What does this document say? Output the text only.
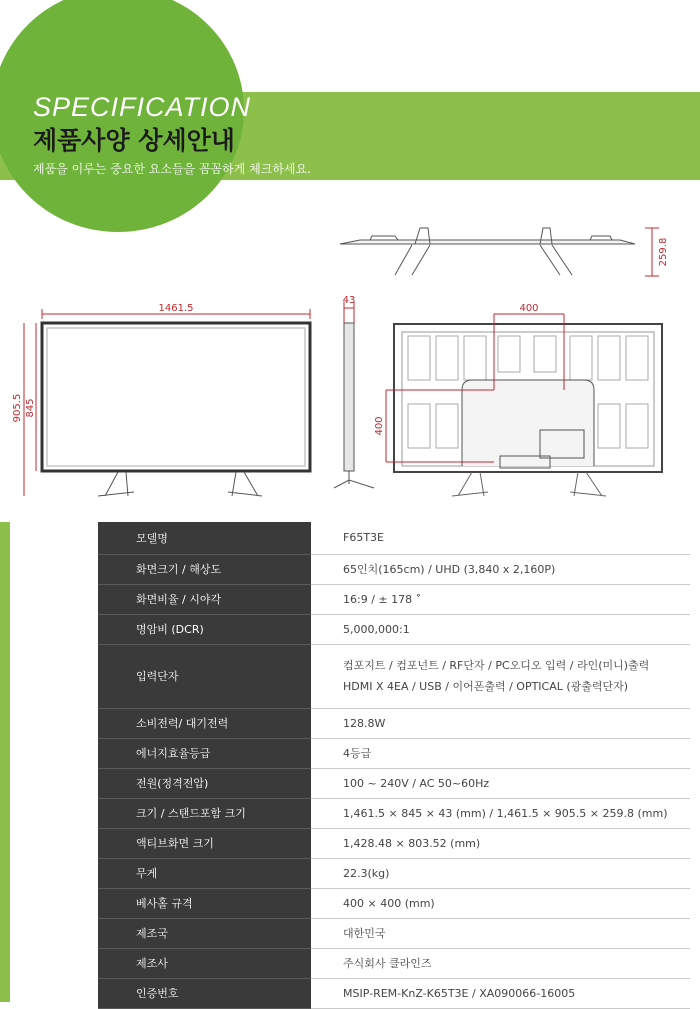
SPECIFICATION
제품사양 상세안내
제품을 이루는 중요한 요소들을 꼼꼼하게 체크하세요.
259.8
1461.5
905.5 845
43
400
400
모델명	F65T3E
화면크기 / 해상도	65인치(165cm) / UHD (3,840 x 2,160P)
화면비율 / 시야각	16:9 / ± 178 ˚
명암비 (DCR)	5,000,000:1
입력단자	컴포지트 / 컴포넌트 / RF단자 / PC오디오 입력 / 라인(미니)출력
HDMI X 4EA / USB / 이어폰출력 / OPTICAL (광출력단자)

소비전력/ 대기전력	128.8W
에너지효율등급	4등급
전원(정격전압)	100 ~ 240V / AC 50~60Hz
크기 / 스탠드포함 크기	1,461.5 × 845 × 43 (mm) / 1,461.5 × 905.5 × 259.8 (mm)
액티브화면 크기	1,428.48 × 803.52 (mm)
무게	22.3(kg)
베사홀 규격	400 × 400 (mm)
제조국	대한민국
제조사	주식회사 클라인즈
인증번호	MSIP-REM-KnZ-K65T3E / XA090066-16005
